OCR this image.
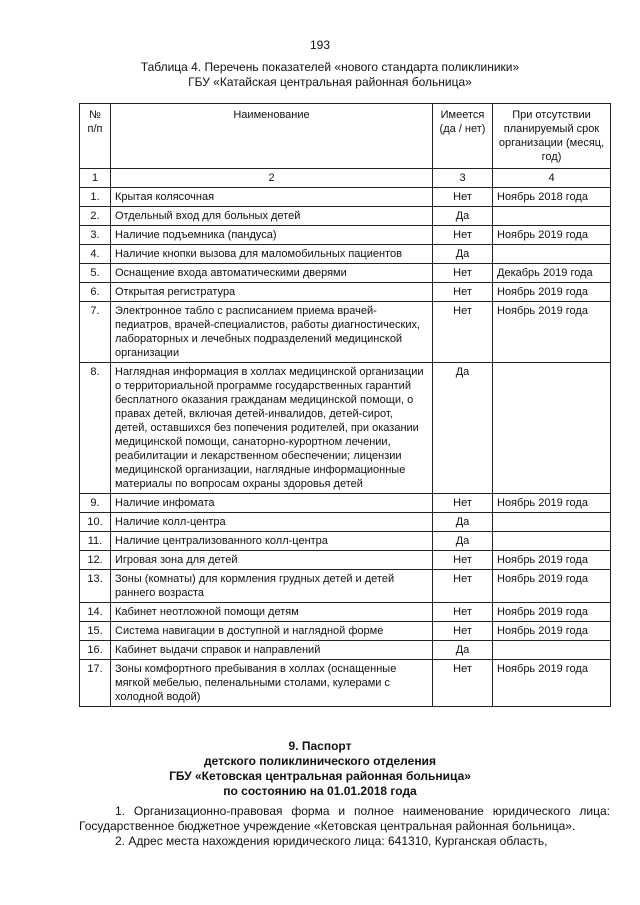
193
Таблица 4. Перечень показателей «нового стандарта поликлиники»
ГБУ «Катайская центральная районная больница»
№ п/п	Наименование	Имеется (да / нет)	При отсутствии планируемый срок организации (месяц, год)
1	2	3	4
1.	Крытая колясочная	Нет	Ноябрь 2018 года
2.	Отдельный вход для больных детей	Да	
3.	Наличие подъемника (пандуса)	Нет	Ноябрь 2019 года
4.	Наличие кнопки вызова для маломобильных пациентов	Да	
5.	Оснащение входа автоматическими дверями	Нет	Декабрь 2019 года
6.	Открытая регистратура	Нет	Ноябрь 2019 года
7.	Электронное табло с расписанием приема врачей-педиатров, врачей-специалистов, работы диагностических, лабораторных и лечебных подразделений медицинской организации	Нет	Ноябрь 2019 года
8.	Наглядная информация в холлах медицинской организации о территориальной программе государственных гарантий бесплатного оказания гражданам медицинской помощи, о правах детей, включая детей-инвалидов, детей-сирот, детей, оставшихся без попечения родителей, при оказании медицинской помощи, санаторно-курортном лечении, реабилитации и лекарственном обеспечении; лицензии медицинской организации, наглядные информационные материалы по вопросам охраны здоровья детей	Да	
9.	Наличие инфомата	Нет	Ноябрь 2019 года
10.	Наличие колл-центра	Да	
11.	Наличие централизованного колл-центра	Да	
12.	Игровая зона для детей	Нет	Ноябрь 2019 года
13.	Зоны (комнаты) для кормления грудных детей и детей раннего возраста	Нет	Ноябрь 2019 года
14.	Кабинет неотложной помощи детям	Нет	Ноябрь 2019 года
15.	Система навигации в доступной и наглядной форме	Нет	Ноябрь 2019 года
16.	Кабинет выдачи справок и направлений	Да	
17.	Зоны комфортного пребывания в холлах (оснащенные мягкой мебелью, пеленальными столами, кулерами с холодной водой)	Нет	Ноябрь 2019 года
9. Паспорт
детского поликлинического отделения
ГБУ «Кетовская центральная районная больница»
по состоянию на 01.01.2018 года

1. Организационно-правовая форма и полное наименование юридического лица: Государственное бюджетное учреждение «Кетовская центральная районная больница».

2. Адрес места нахождения юридического лица: 641310, Курганская область,
